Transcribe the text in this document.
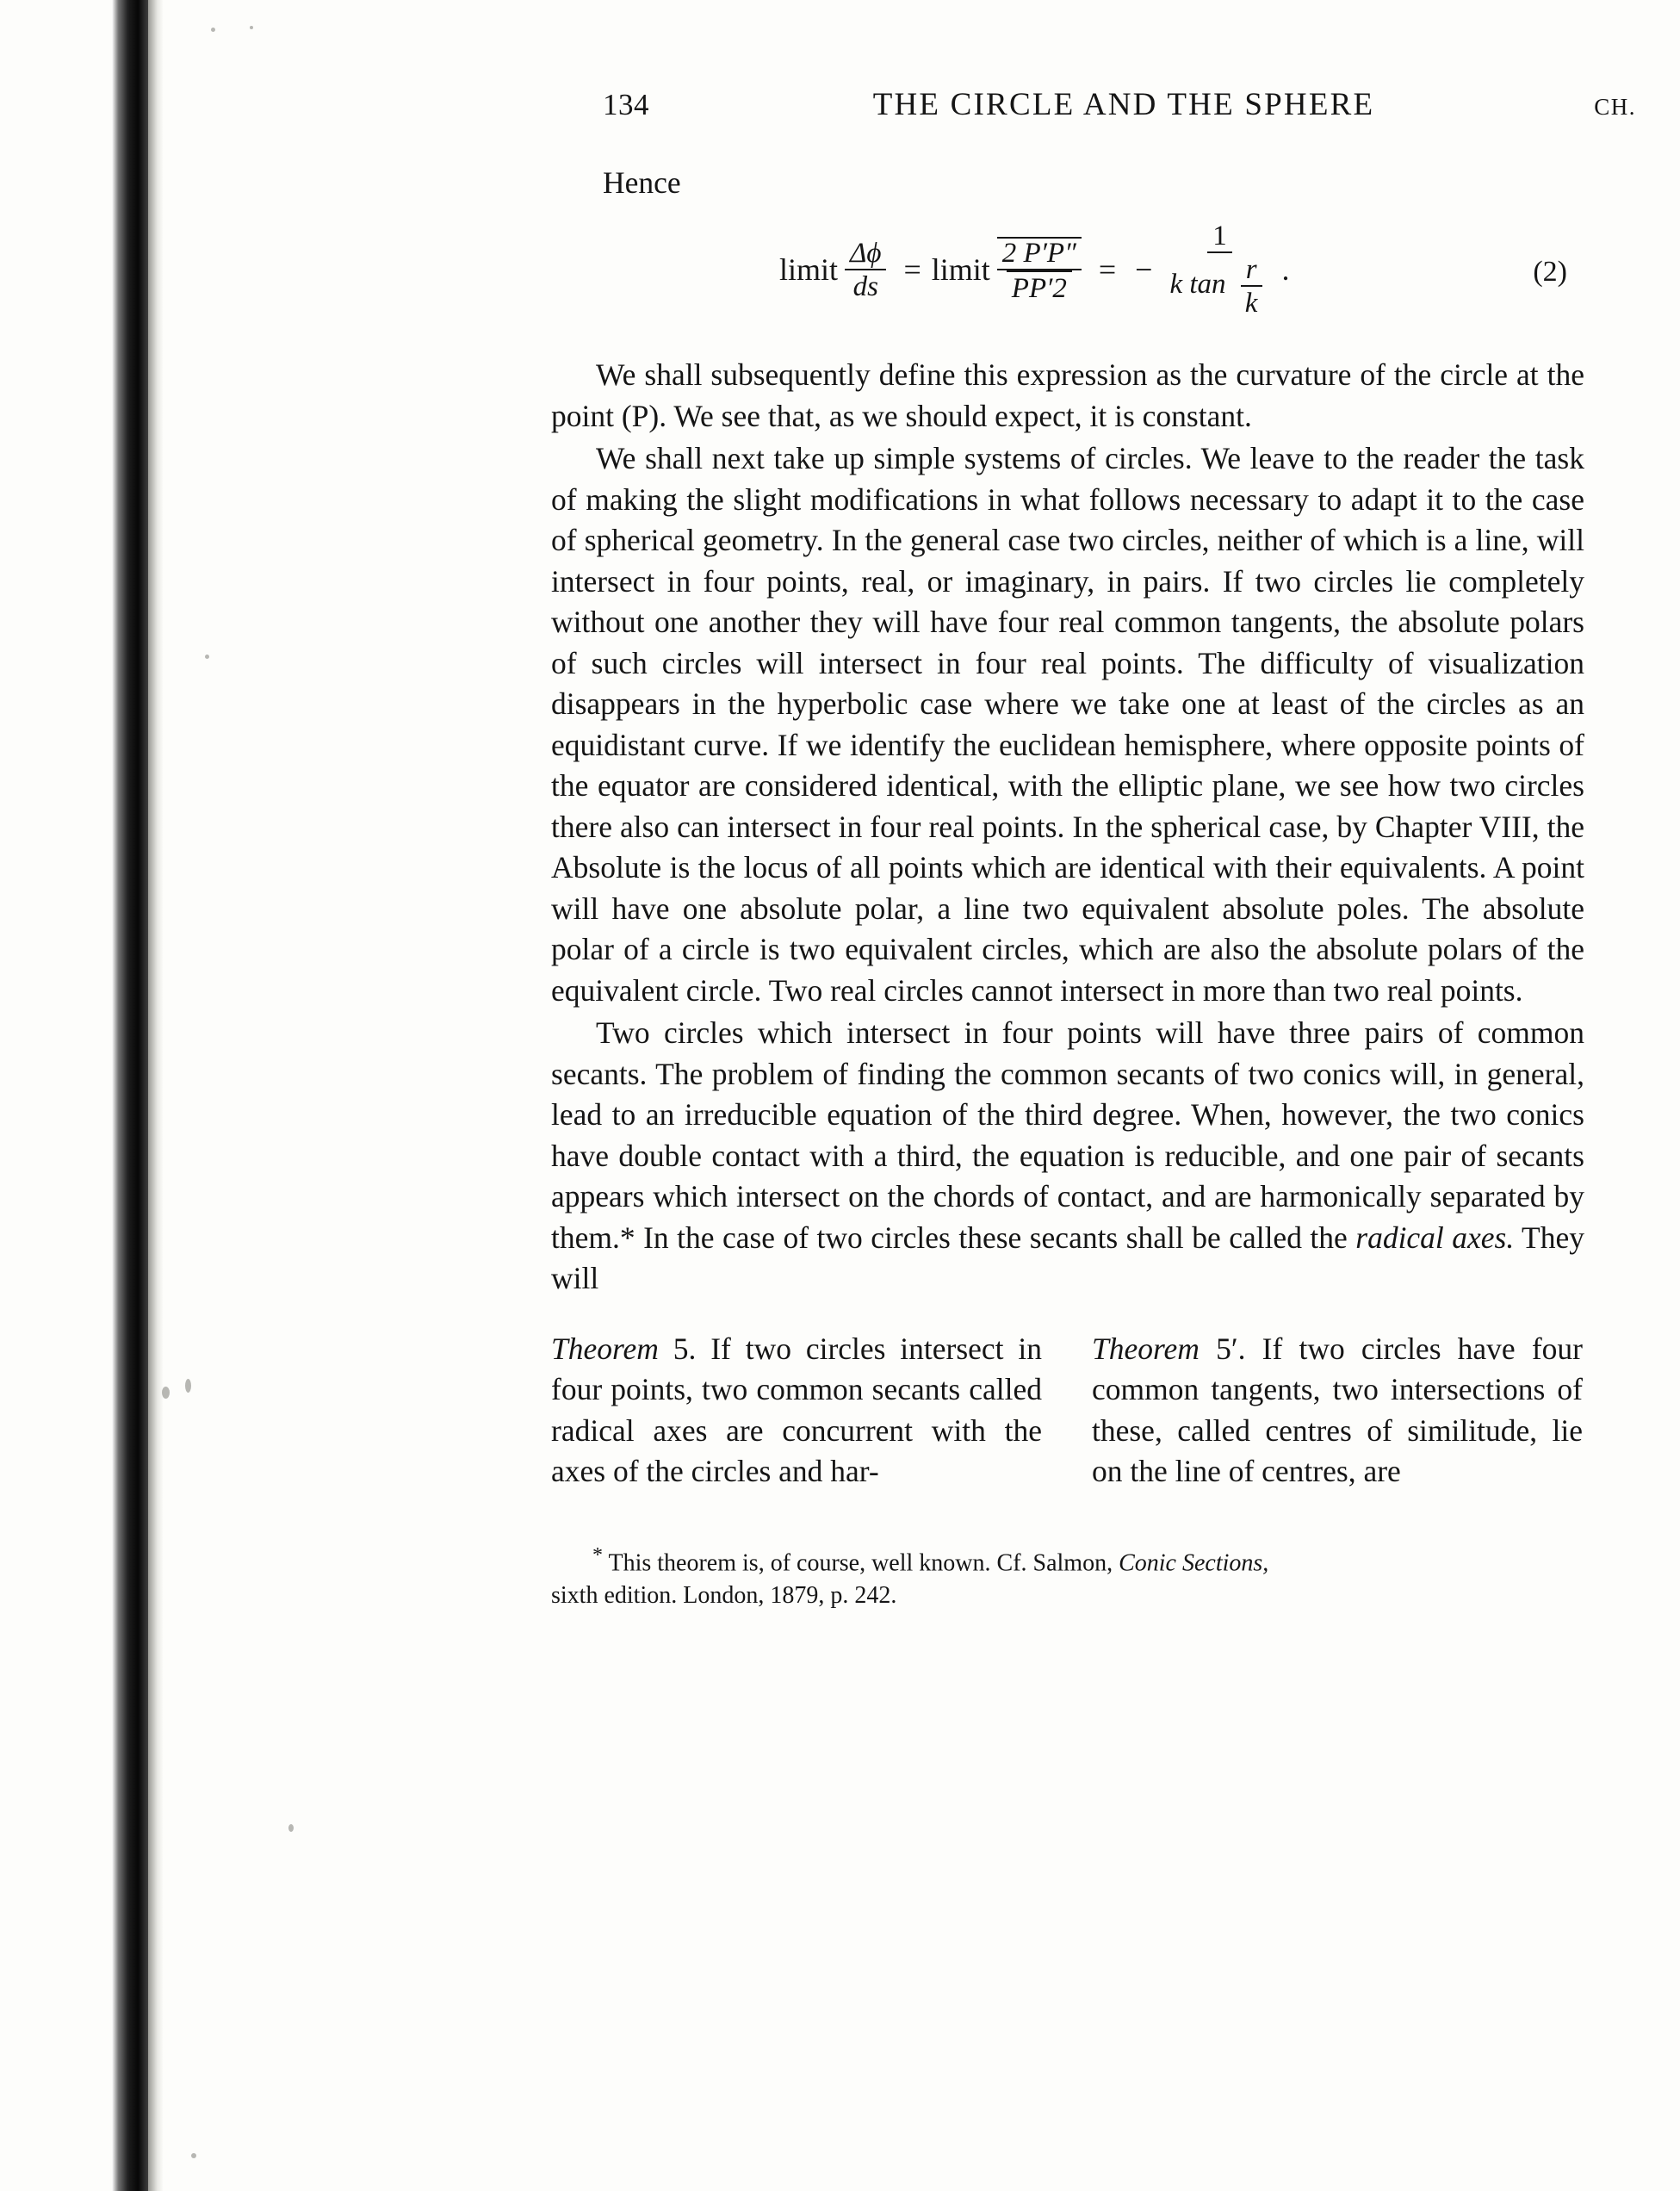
134	THE CIRCLE AND THE SPHERE	CH.
Hence
limit $\frac{\Delta\phi}{ds}$ = limit $\frac{2 P'P''}{PP'2}$ = − $\frac{1}{k \tan \frac{r}{k}}$ .	(2)

We shall subsequently define this expression as the curvature of the circle at the point (P). We see that, as we should expect, it is constant.

We shall next take up simple systems of circles. We leave to the reader the task of making the slight modifications in what follows necessary to adapt it to the case of spherical geometry. In the general case two circles, neither of which is a line, will intersect in four points, real, or imaginary, in pairs. If two circles lie completely without one another they will have four real common tangents, the absolute polars of such circles will intersect in four real points. The difficulty of visualization disappears in the hyperbolic case where we take one at least of the circles as an equidistant curve. If we identify the euclidean hemisphere, where opposite points of the equator are considered identical, with the elliptic plane, we see how two circles there also can intersect in four real points. In the spherical case, by Chapter VIII, the Absolute is the locus of all points which are identical with their equivalents. A point will have one absolute polar, a line two equivalent absolute poles. The absolute polar of a circle is two equivalent circles, which are also the absolute polars of the equivalent circle. Two real circles cannot intersect in more than two real points.

Two circles which intersect in four points will have three pairs of common secants. The problem of finding the common secants of two conics will, in general, lead to an irreducible equation of the third degree. When, however, the two conics have double contact with a third, the equation is reducible, and one pair of secants appears which intersect on the chords of contact, and are harmonically separated by them.* In the case of two circles these secants shall be called the radical axes. They will

Theorem 5. If two circles intersect in four points, two common secants called radical axes are concurrent with the axes of the circles and har-
Theorem 5′. If two circles have four common tangents, two intersections of these, called centres of similitude, lie on the line of centres, are
* This theorem is, of course, well known. Cf. Salmon, Conic Sections,
sixth edition. London, 1879, p. 242.
